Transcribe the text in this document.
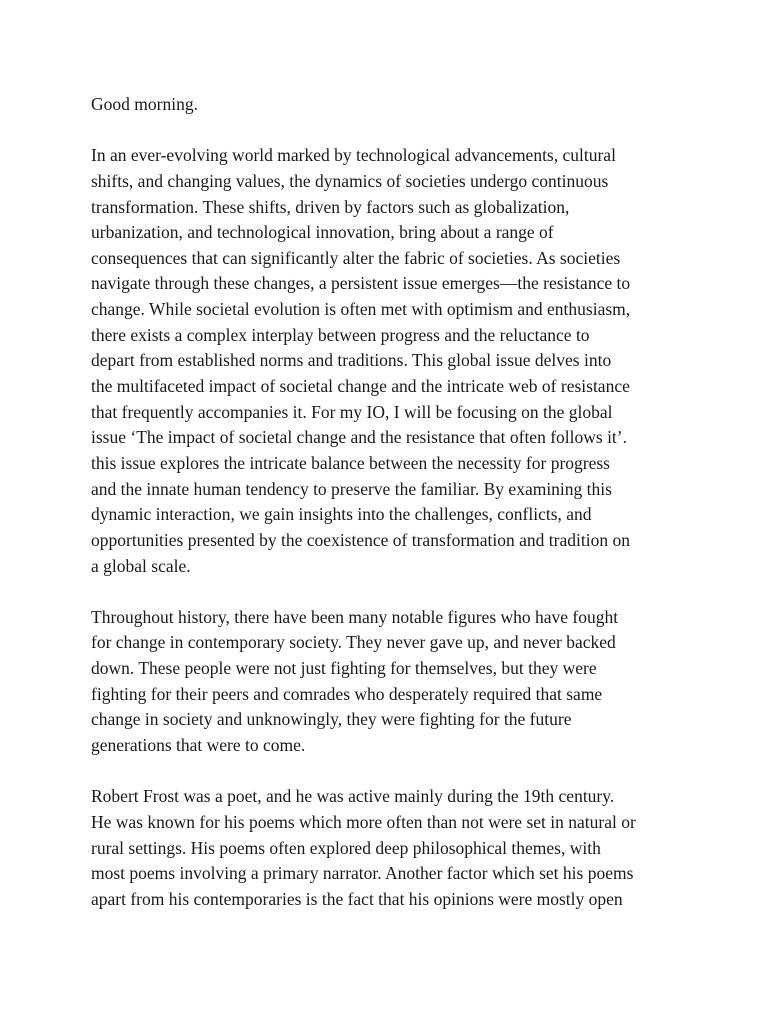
Good morning.
In an ever-evolving world marked by technological advancements, cultural
shifts, and changing values, the dynamics of societies undergo continuous
transformation. These shifts, driven by factors such as globalization,
urbanization, and technological innovation, bring about a range of
consequences that can significantly alter the fabric of societies. As societies
navigate through these changes, a persistent issue emerges—the resistance to
change. While societal evolution is often met with optimism and enthusiasm,
there exists a complex interplay between progress and the reluctance to
depart from established norms and traditions. This global issue delves into
the multifaceted impact of societal change and the intricate web of resistance
that frequently accompanies it. For my IO, I will be focusing on the global
issue ‘The impact of societal change and the resistance that often follows it’.
this issue explores the intricate balance between the necessity for progress
and the innate human tendency to preserve the familiar. By examining this
dynamic interaction, we gain insights into the challenges, conflicts, and
opportunities presented by the coexistence of transformation and tradition on
a global scale.
Throughout history, there have been many notable figures who have fought
for change in contemporary society. They never gave up, and never backed
down. These people were not just fighting for themselves, but they were
fighting for their peers and comrades who desperately required that same
change in society and unknowingly, they were fighting for the future
generations that were to come.
Robert Frost was a poet, and he was active mainly during the 19th century.
He was known for his poems which more often than not were set in natural or
rural settings. His poems often explored deep philosophical themes, with
most poems involving a primary narrator. Another factor which set his poems
apart from his contemporaries is the fact that his opinions were mostly open
